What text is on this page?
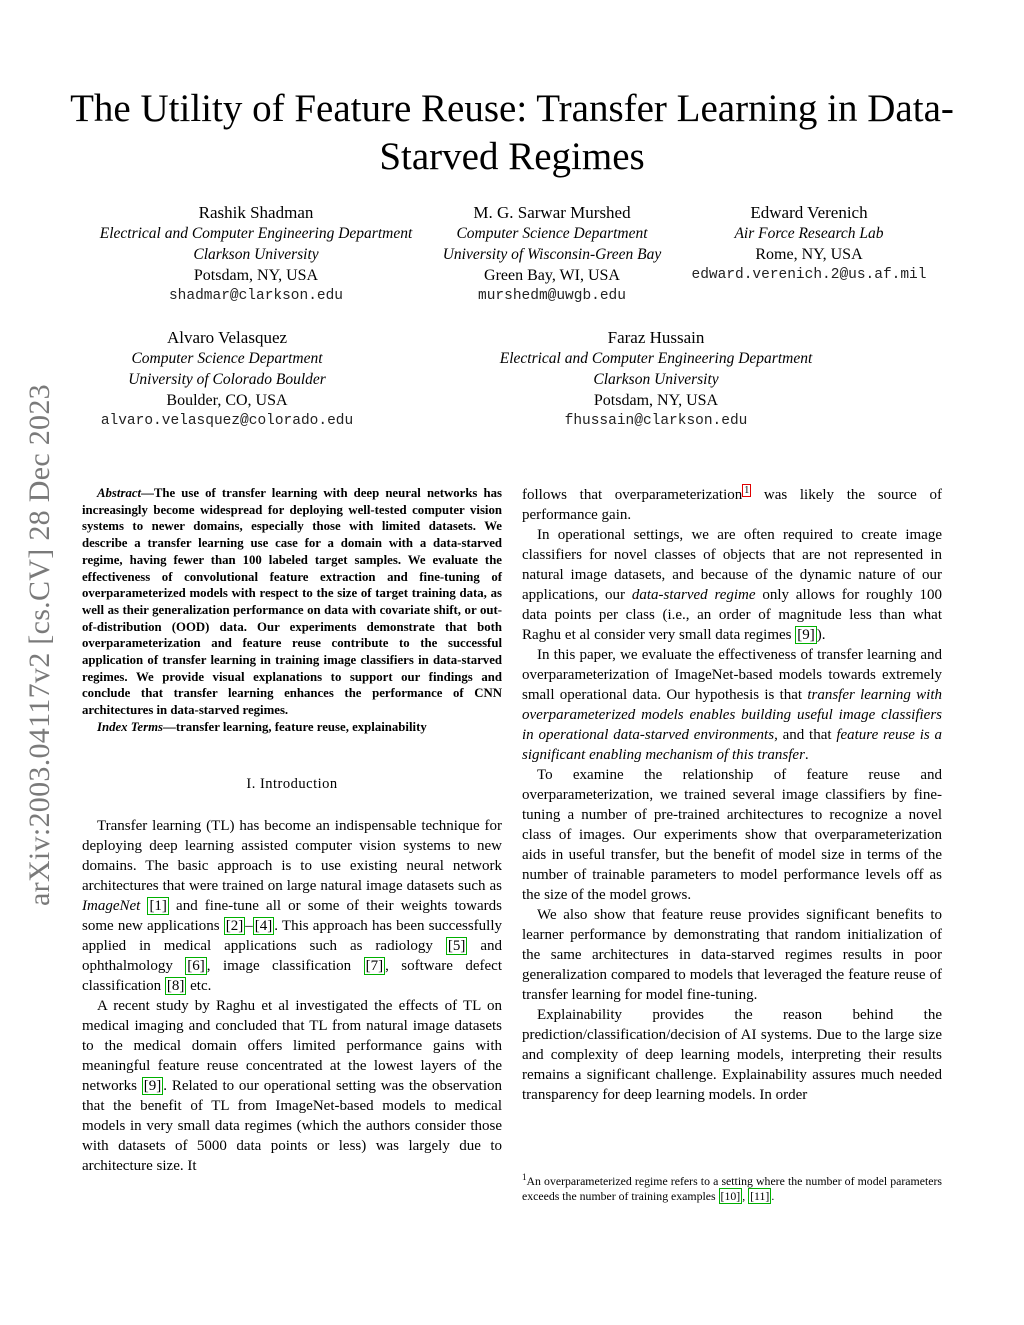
arXiv:2003.04117v2 [cs.CV] 28 Dec 2023
The Utility of Feature Reuse: Transfer Learning in Data-Starved Regimes
Rashik Shadman
Electrical and Computer Engineering Department
Clarkson University
Potsdam, NY, USA
shadmar@clarkson.edu
M. G. Sarwar Murshed
Computer Science Department
University of Wisconsin-Green Bay
Green Bay, WI, USA
murshedm@uwgb.edu
Edward Verenich
Air Force Research Lab
Rome, NY, USA
edward.verenich.2@us.af.mil
Alvaro Velasquez
Computer Science Department
University of Colorado Boulder
Boulder, CO, USA
alvaro.velasquez@colorado.edu
Faraz Hussain
Electrical and Computer Engineering Department
Clarkson University
Potsdam, NY, USA
fhussain@clarkson.edu

Abstract—The use of transfer learning with deep neural networks has increasingly become widespread for deploying well-tested computer vision systems to newer domains, especially those with limited datasets. We describe a transfer learning use case for a domain with a data-starved regime, having fewer than 100 labeled target samples. We evaluate the effectiveness of convolutional feature extraction and fine-tuning of overparameterized models with respect to the size of target training data, as well as their generalization performance on data with covariate shift, or out-of-distribution (OOD) data. Our experiments demonstrate that both overparameterization and feature reuse contribute to the successful application of transfer learning in training image classifiers in data-starved regimes. We provide visual explanations to support our findings and conclude that transfer learning enhances the performance of CNN architectures in data-starved regimes.

Index Terms—transfer learning, feature reuse, explainability

I. Introduction

Transfer learning (TL) has become an indispensable technique for deploying deep learning assisted computer vision systems to new domains. The basic approach is to use existing neural network architectures that were trained on large natural image datasets such as ImageNet [1] and fine-tune all or some of their weights towards some new applications [2] – [4] . This approach has been successfully applied in medical applications such as radiology [5] and ophthalmology [6] , image classification [7] , software defect classification [8] etc.

A recent study by Raghu et al investigated the effects of TL on medical imaging and concluded that TL from natural image datasets to the medical domain offers limited performance gains with meaningful feature reuse concentrated at the lowest layers of the networks [9] . Related to our operational setting was the observation that the benefit of TL from ImageNet-based models to medical models in very small data regimes (which the authors consider those with datasets of 5000 data points or less) was largely due to architecture size. It

follows that overparameterization $^1$ was likely the source of performance gain.

In operational settings, we are often required to create image classifiers for novel classes of objects that are not represented in natural image datasets, and because of the dynamic nature of our applications, our data-starved regime only allows for roughly 100 data points per class (i.e., an order of magnitude less than what Raghu et al consider very small data regimes [9] ).

In this paper, we evaluate the effectiveness of transfer learning and overparameterization of ImageNet-based models towards extremely small operational data. Our hypothesis is that transfer learning with overparameterized models enables building useful image classifiers in operational data-starved environments, and that feature reuse is a significant enabling mechanism of this transfer.

To examine the relationship of feature reuse and overparameterization, we trained several image classifiers by fine-tuning a number of pre-trained architectures to recognize a novel class of images. Our experiments show that overparameterization aids in useful transfer, but the benefit of model size in terms of the number of trainable parameters to model performance levels off as the size of the model grows.

We also show that feature reuse provides significant benefits to learner performance by demonstrating that random initialization of the same architectures in data-starved regimes results in poor generalization compared to models that leveraged the feature reuse of transfer learning for model fine-tuning.

Explainability provides the reason behind the prediction/classification/decision of AI systems. Due to the large size and complexity of deep learning models, interpreting their results remains a significant challenge. Explainability assures much needed transparency for deep learning models. In order

$^1$An overparameterized regime refers to a setting where the number of model parameters exceeds the number of training examples [10] , [11] .
